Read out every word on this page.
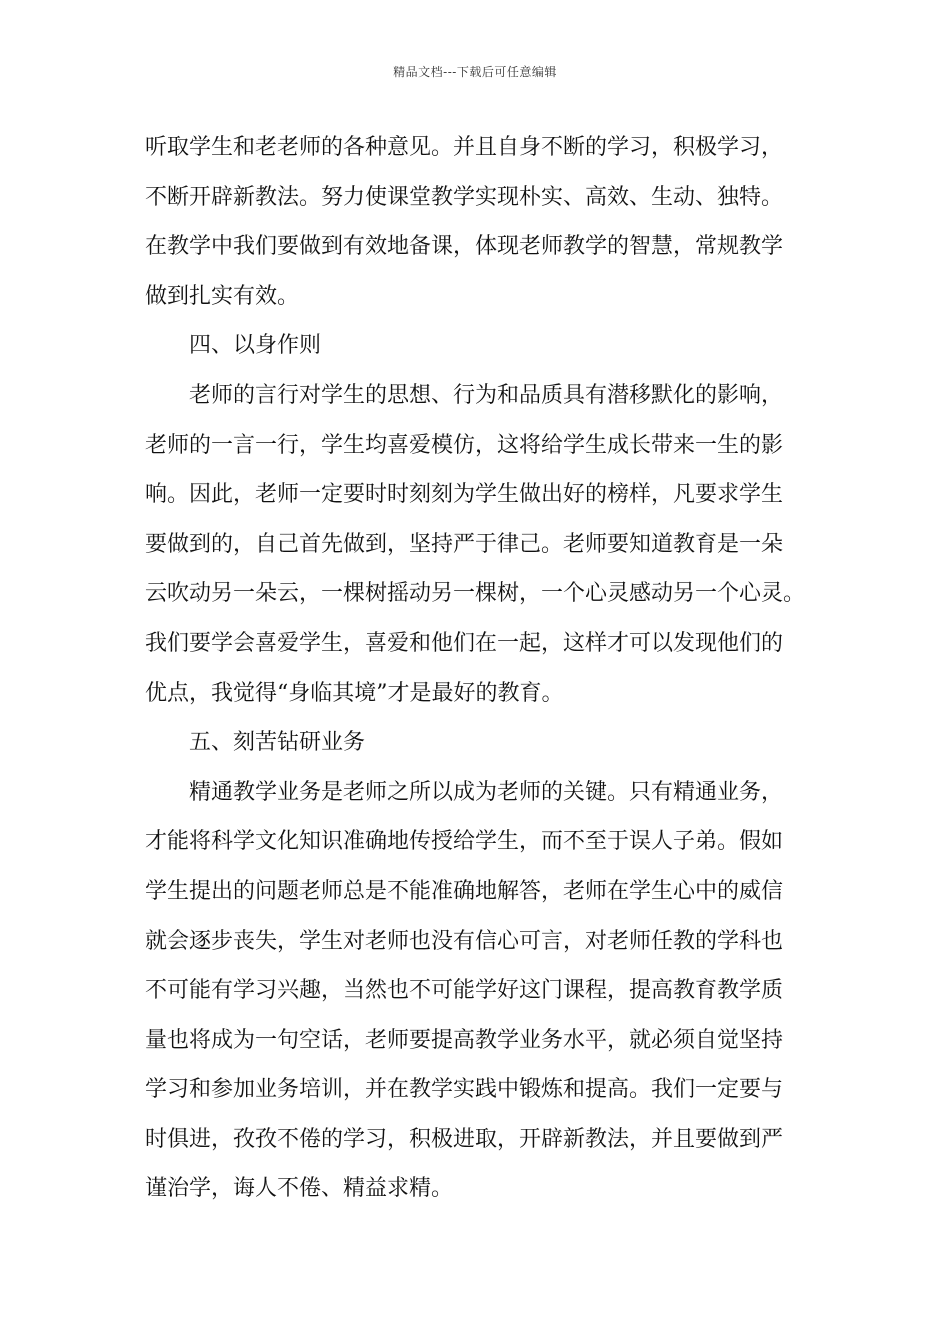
精品文档---下载后可任意编辑
听取学生和老老师的各种意见。并且自身不断的学习，积极学习，
不断开辟新教法。努力使课堂教学实现朴实、高效、生动、独特。
在教学中我们要做到有效地备课，体现老师教学的智慧，常规教学
做到扎实有效。
四、以身作则
老师的言行对学生的思想、行为和品质具有潜移默化的影响，
老师的一言一行，学生均喜爱模仿，这将给学生成长带来一生的影
响。因此，老师一定要时时刻刻为学生做出好的榜样，凡要求学生
要做到的，自己首先做到，坚持严于律己。老师要知道教育是一朵
云吹动另一朵云，一棵树摇动另一棵树，一个心灵感动另一个心灵。
我们要学会喜爱学生，喜爱和他们在一起，这样才可以发现他们的
优点，我觉得“身临其境”才是最好的教育。
五、刻苦钻研业务
精通教学业务是老师之所以成为老师的关键。只有精通业务，
才能将科学文化知识准确地传授给学生，而不至于误人子弟。假如
学生提出的问题老师总是不能准确地解答，老师在学生心中的威信
就会逐步丧失，学生对老师也没有信心可言，对老师任教的学科也
不可能有学习兴趣，当然也不可能学好这门课程，提高教育教学质
量也将成为一句空话，老师要提高教学业务水平，就必须自觉坚持
学习和参加业务培训，并在教学实践中锻炼和提高。我们一定要与
时俱进，孜孜不倦的学习，积极进取，开辟新教法，并且要做到严
谨治学，诲人不倦、精益求精。
